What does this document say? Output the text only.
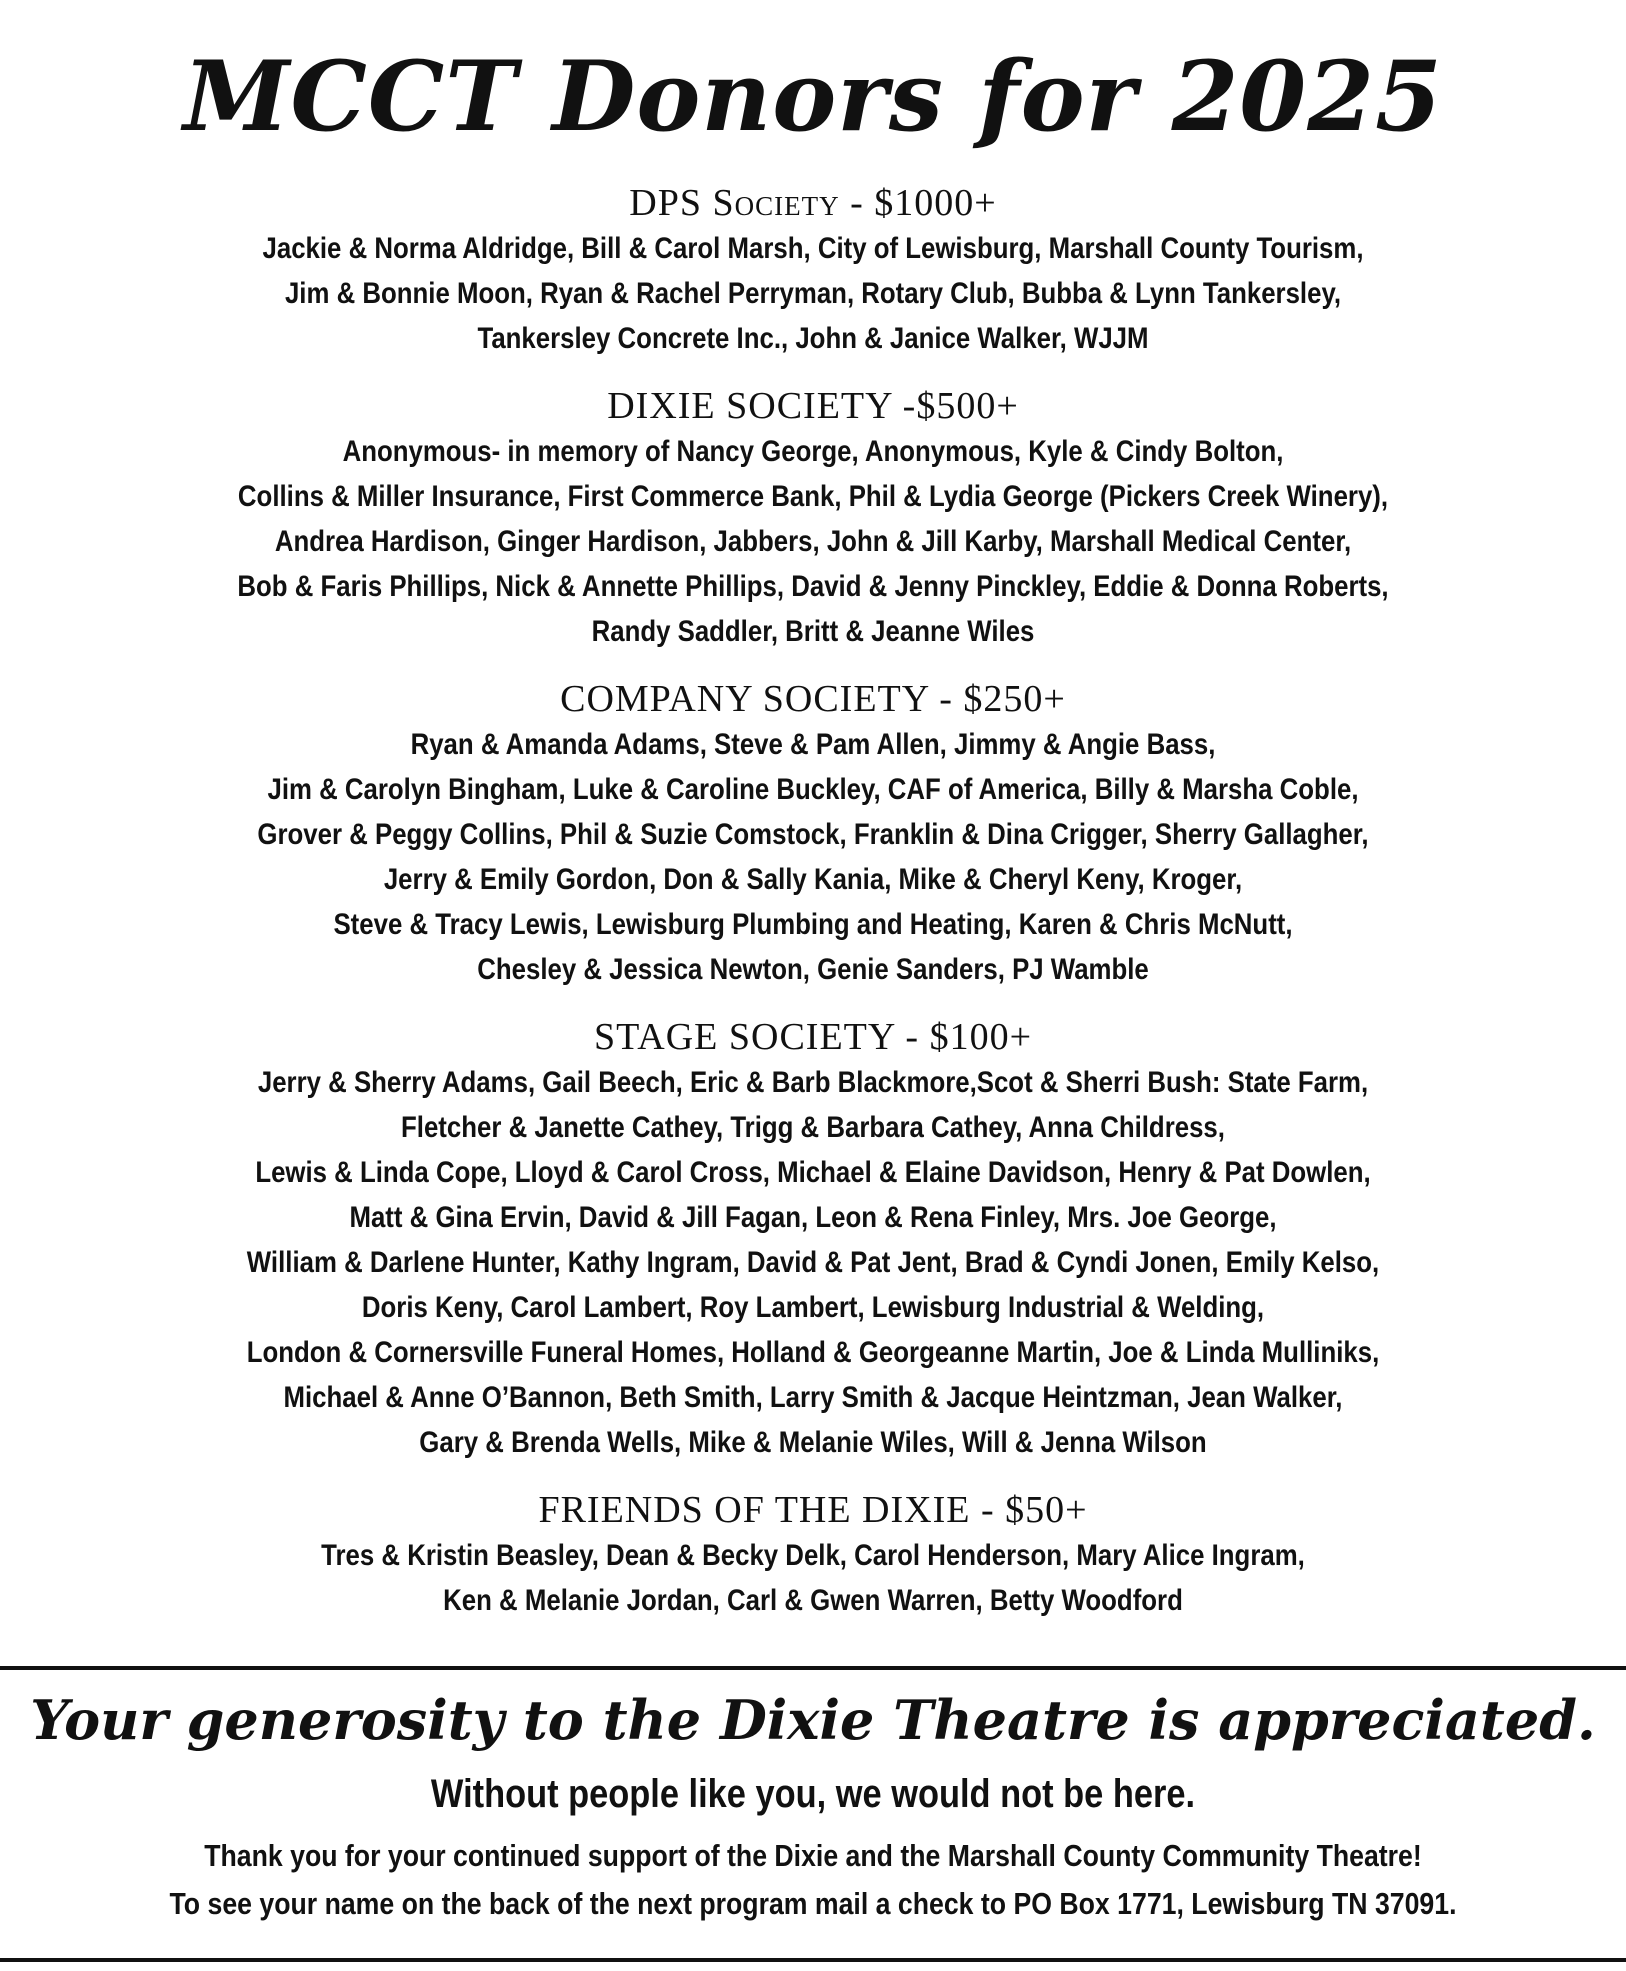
MCCT Donors for 2025
DPS Society - $1000+
Jackie & Norma Aldridge, Bill & Carol Marsh, City of Lewisburg, Marshall County Tourism,
Jim & Bonnie Moon, Ryan & Rachel Perryman, Rotary Club, Bubba & Lynn Tankersley,
Tankersley Concrete Inc., John & Janice Walker, WJJM
DIXIE SOCIETY -$500+
Anonymous- in memory of Nancy George, Anonymous, Kyle & Cindy Bolton,
Collins & Miller Insurance, First Commerce Bank, Phil & Lydia George (Pickers Creek Winery),
Andrea Hardison, Ginger Hardison, Jabbers, John & Jill Karby, Marshall Medical Center,
Bob & Faris Phillips, Nick & Annette Phillips, David & Jenny Pinckley, Eddie & Donna Roberts,
Randy Saddler, Britt & Jeanne Wiles
COMPANY SOCIETY - $250+
Ryan & Amanda Adams, Steve & Pam Allen, Jimmy & Angie Bass,
Jim & Carolyn Bingham, Luke & Caroline Buckley, CAF of America, Billy & Marsha Coble,
Grover & Peggy Collins, Phil & Suzie Comstock, Franklin & Dina Crigger, Sherry Gallagher,
Jerry & Emily Gordon, Don & Sally Kania, Mike & Cheryl Keny, Kroger,
Steve & Tracy Lewis, Lewisburg Plumbing and Heating, Karen & Chris McNutt,
Chesley & Jessica Newton, Genie Sanders, PJ Wamble
STAGE SOCIETY - $100+
Jerry & Sherry Adams, Gail Beech, Eric & Barb Blackmore,Scot & Sherri Bush: State Farm,
Fletcher & Janette Cathey, Trigg & Barbara Cathey, Anna Childress,
Lewis & Linda Cope, Lloyd & Carol Cross, Michael & Elaine Davidson, Henry & Pat Dowlen,
Matt & Gina Ervin, David & Jill Fagan, Leon & Rena Finley, Mrs. Joe George,
William & Darlene Hunter, Kathy Ingram, David & Pat Jent, Brad & Cyndi Jonen, Emily Kelso,
Doris Keny, Carol Lambert, Roy Lambert, Lewisburg Industrial & Welding,
London & Cornersville Funeral Homes, Holland & Georgeanne Martin, Joe & Linda Mulliniks,
Michael & Anne O’Bannon, Beth Smith, Larry Smith & Jacque Heintzman, Jean Walker,
Gary & Brenda Wells, Mike & Melanie Wiles, Will & Jenna Wilson
FRIENDS OF THE DIXIE - $50+
Tres & Kristin Beasley, Dean & Becky Delk, Carol Henderson, Mary Alice Ingram,
Ken & Melanie Jordan, Carl & Gwen Warren, Betty Woodford
Your generosity to the Dixie Theatre is appreciated.
Without people like you, we would not be here.
Thank you for your continued support of the Dixie and the Marshall County Community Theatre!
To see your name on the back of the next program mail a check to PO Box 1771, Lewisburg TN 37091.
